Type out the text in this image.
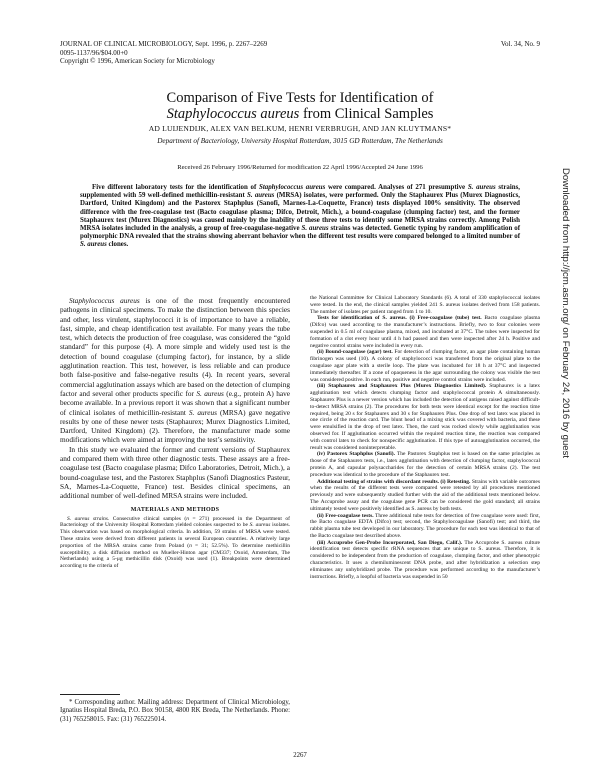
JOURNAL OF CLINICAL MICROBIOLOGY, Sept. 1996, p. 2267–2269
0095-1137/96/$04.00+0
Copyright © 1996, American Society for Microbiology
Vol. 34, No. 9
Comparison of Five Tests for Identification of
Staphylococcus aureus from Clinical Samples
AD LUIJENDIJK, ALEX VAN BELKUM, HENRI VERBRUGH, AND JAN KLUYTMANS*
Department of Bacteriology, University Hospital Rotterdam, 3015 GD Rotterdam, The Netherlands
Received 26 February 1996/Returned for modification 22 April 1996/Accepted 24 June 1996

Five different laboratory tests for the identification of Staphylococcus aureus were compared. Analyses of 271 presumptive S. aureus strains, supplemented with 59 well-defined methicillin-resistant S. aureus (MRSA) isolates, were performed. Only the Staphaurex Plus (Murex Diagnostics, Dartford, United Kingdom) and the Pastorex Staphplus (Sanofi, Marnes-La-Coquette, France) tests displayed 100% sensitivity. The observed difference with the free-coagulase test (Bacto coagulase plasma; Difco, Detroit, Mich.), a bound-coagulase (clumping factor) test, and the former Staphaurex test (Murex Diagnostics) was caused mainly by the inability of these three tests to identify some MRSA strains correctly. Among Polish MRSA isolates included in the analysis, a group of free-coagulase-negative S. aureus strains was detected. Genetic typing by random amplification of polymorphic DNA revealed that the strains showing aberrant behavior when the different test results were compared belonged to a limited number of S. aureus clones.

Staphylococcus aureus is one of the most frequently encountered pathogens in clinical specimens. To make the distinction between this species and other, less virulent, staphylococci it is of importance to have a reliable, fast, simple, and cheap identification test available. For many years the tube test, which detects the production of free coagulase, was considered the “gold standard” for this purpose (4). A more simple and widely used test is the detection of bound coagulase (clumping factor), for instance, by a slide agglutination reaction. This test, however, is less reliable and can produce both false-positive and false-negative results (4). In recent years, several commercial agglutination assays which are based on the detection of clumping factor and several other products specific for S. aureus (e.g., protein A) have become available. In a previous report it was shown that a significant number of clinical isolates of methicillin-resistant S. aureus (MRSA) gave negative results by one of these newer tests (Staphaurex; Murex Diagnostics Limited, Dartford, United Kingdom) (2). Therefore, the manufacturer made some modifications which were aimed at improving the test’s sensitivity.

In this study we evaluated the former and current versions of Staphaurex and compared them with three other diagnostic tests. These assays are a free-coagulase test (Bacto coagulase plasma; Difco Laboratories, Detroit, Mich.), a bound-coagulase test, and the Pastorex Staphplus (Sanofi Diagnostics Pasteur, SA, Marnes-La-Coquette, France) test. Besides clinical specimens, an additional number of well-defined MRSA strains were included.

MATERIALS AND METHODS

S. aureus strains. Consecutive clinical samples (n = 271) processed in the Department of Bacteriology of the University Hospital Rotterdam yielded colonies suspected to be S. aureus isolates. This observation was based on morphological criteria. In addition, 59 strains of MRSA were tested. These strains were derived from different patients in several European countries. A relatively large proportion of the MRSA strains came from Poland (n = 31; 52.5%). To determine methicillin susceptibility, a disk diffusion method on Mueller-Hinton agar (CM337; Oxoid, Amsterdam, The Netherlands) using a 5-μg methicillin disk (Oxoid) was used (1). Breakpoints were determined according to the criteria of

* Corresponding author. Mailing address: Department of Clinical Microbiology, Ignatius Hospital Breda, P.O. Box 90158, 4800 RK Breda, The Netherlands. Phone: (31) 765258015. Fax: (31) 765225014.

the National Committee for Clinical Laboratory Standards (6). A total of 330 staphylococcal isolates were tested. In the end, the clinical samples yielded 241 S. aureus isolates derived from 158 patients. The number of isolates per patient ranged from 1 to 10.

Tests for identification of S. aureus. (i) Free-coagulase (tube) test. Bacto coagulase plasma (Difco) was used according to the manufacturer’s instructions. Briefly, two to four colonies were suspended in 0.5 ml of coagulase plasma, mixed, and incubated at 37°C. The tubes were inspected for formation of a clot every hour until 4 h had passed and then were inspected after 24 h. Positive and negative control strains were included in every run.

(ii) Bound-coagulase (agar) test. For detection of clumping factor, an agar plate containing human fibrinogen was used (10). A colony of staphylococci was transferred from the original plate to the coagulase agar plate with a sterile loop. The plate was incubated for 18 h at 37°C and inspected immediately thereafter. If a zone of opaqueness in the agar surrounding the colony was visible the test was considered positive. In each run, positive and negative control strains were included.

(iii) Staphaurex and Staphaurex Plus (Murex Diagnostics Limited). Staphaurex is a latex agglutination test which detects clumping factor and staphylococcal protein A simultaneously. Staphaurex Plus is a newer version which has included the detection of antigens raised against difficult-to-detect MRSA strains (2). The procedures for both tests were identical except for the reaction time required, being 20 s for Staphaurex and 30 s for Staphaurex Plus. One drop of test latex was placed in one circle of the reaction card. The blunt head of a mixing stick was covered with bacteria, and these were emulsified in the drop of test latex. Then, the card was rocked slowly while agglutination was observed for. If agglutination occurred within the required reaction time, the reaction was compared with control latex to check for nonspecific agglutination. If this type of autoagglutination occurred, the result was considered noninterpretable.

(iv) Pastorex Staphplus (Sanofi). The Pastorex Staphplus test is based on the same principles as those of the Staphaurex tests, i.e., latex agglutination with detection of clumping factor, staphylococcal protein A, and capsular polysaccharides for the detection of certain MRSA strains (2). The test procedure was identical to the procedure of the Staphaurex test.

Additional testing of strains with discordant results. (i) Retesting. Strains with variable outcomes when the results of the different tests were compared were retested by all procedures mentioned previously and were subsequently studied further with the aid of the additional tests mentioned below. The Accuprobe assay and the coagulase gene PCR can be considered the gold standard; all strains ultimately tested were positively identified as S. aureus by both tests.

(ii) Free-coagulase tests. Three additional tube tests for detection of free coagulase were used: first, the Bacto coagulase EDTA (Difco) test; second, the Staphylocoagulase (Sanofi) test; and third, the rabbit plasma tube test developed in our laboratory. The procedure for each test was identical to that of the Bacto coagulase test described above.

(iii) Accuprobe Gen-Probe Incorporated, San Diego, Calif.). The Accuprobe S. aureus culture identification test detects specific rRNA sequences that are unique to S. aureus. Therefore, it is considered to be independent from the production of coagulase, clumping factor, and other phenotypic characteristics. It uses a chemiluminescent DNA probe, and after hybridization a selection step eliminates any unhybridized probe. The procedure was performed according to the manufacturer’s instructions. Briefly, a loopful of bacteria was suspended in 50

2267
Downloaded from http://jcm.asm.org/ on February 24, 2016 by guest
